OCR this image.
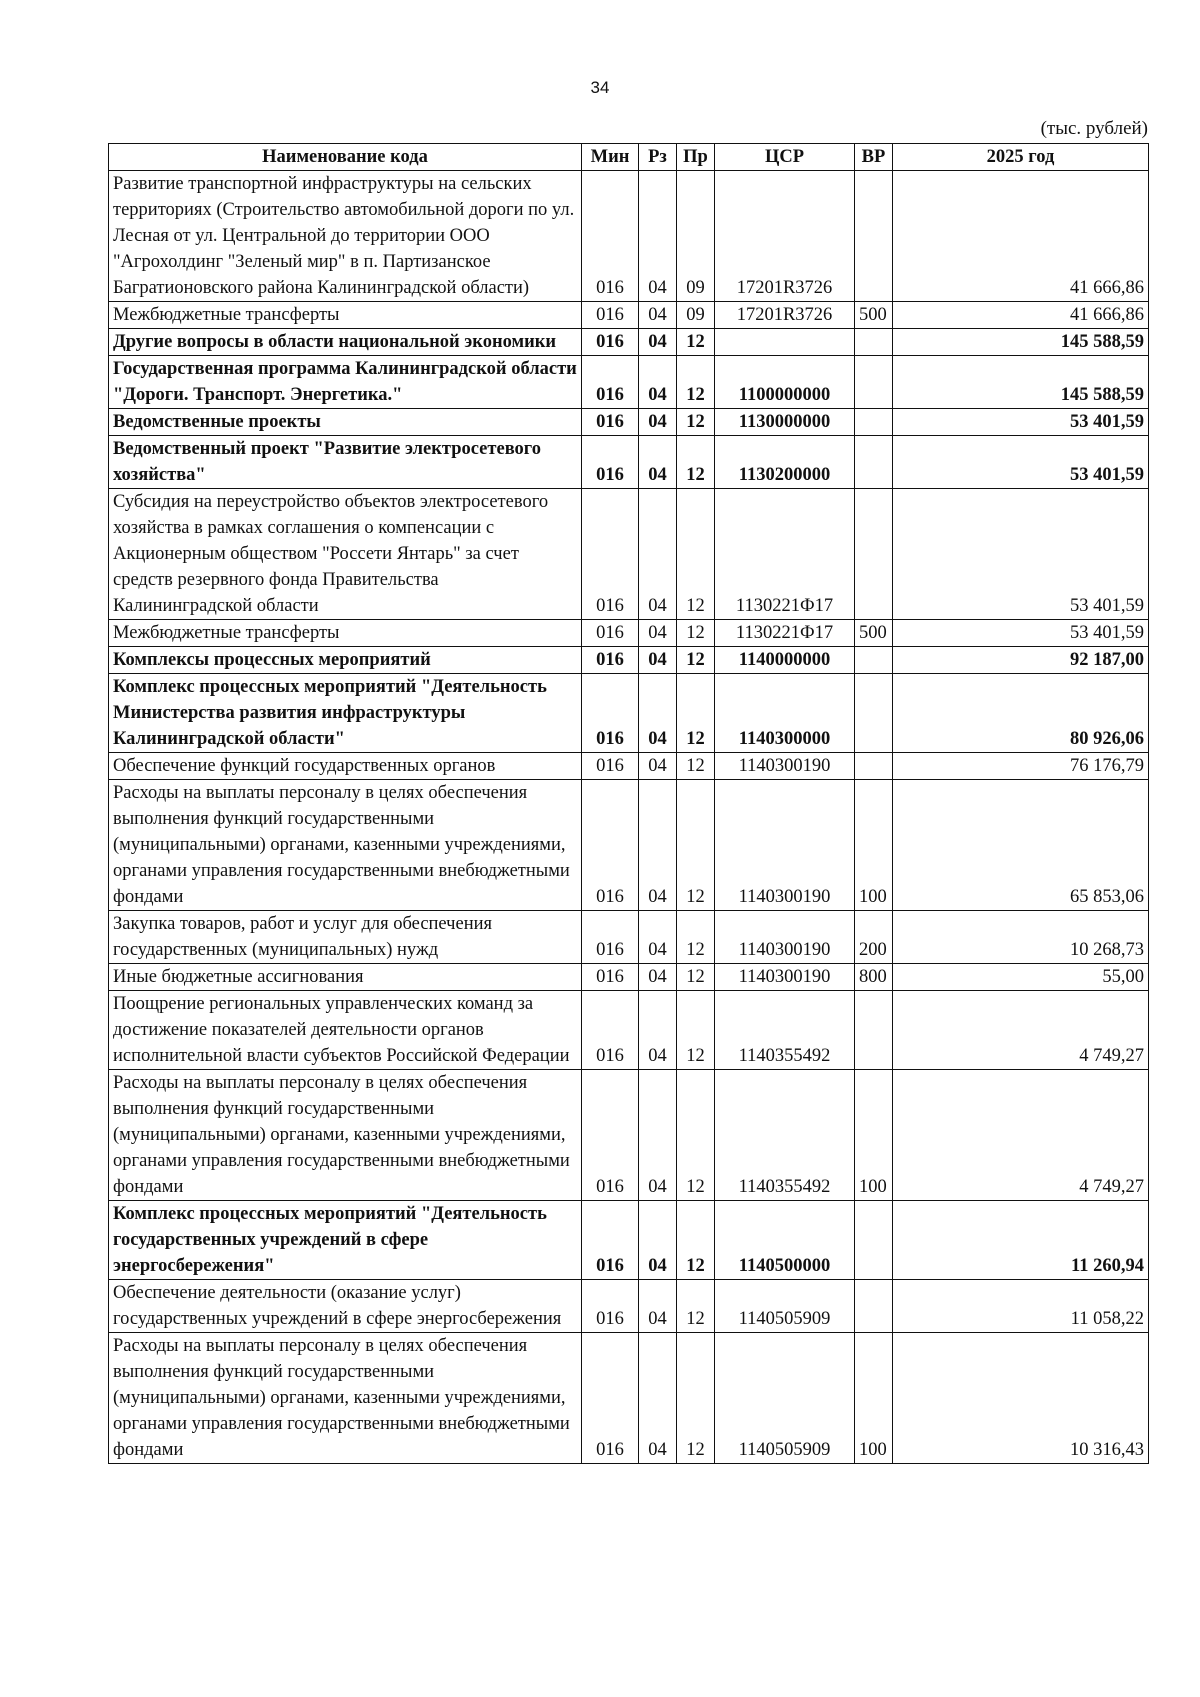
34
(тыс. рублей)
Наименование кода	Мин	Рз	Пр	ЦСР	ВР	2025 год
Развитие транспортной инфраструктуры на сельских территориях (Строительство автомобильной дороги по ул. Лесная от ул. Центральной до территории ООО "Агрохолдинг "Зеленый мир" в п. Партизанское Багратионовского района Калининградской области)	016	04	09	17201R3726		41 666,86
Межбюджетные трансферты	016	04	09	17201R3726	500	41 666,86
Другие вопросы в области национальной экономики	016	04	12			145 588,59
Государственная программа Калининградской области "Дороги. Транспорт. Энергетика."	016	04	12	1100000000		145 588,59
Ведомственные проекты	016	04	12	1130000000		53 401,59
Ведомственный проект "Развитие электросетевого хозяйства"	016	04	12	1130200000		53 401,59
Субсидия на переустройство объектов электросетевого хозяйства в рамках соглашения о компенсации с Акционерным обществом "Россети Янтарь" за счет средств резервного фонда Правительства Калининградской области	016	04	12	1130221Ф17		53 401,59
Межбюджетные трансферты	016	04	12	1130221Ф17	500	53 401,59
Комплексы процессных мероприятий	016	04	12	1140000000		92 187,00
Комплекс процессных мероприятий "Деятельность Министерства развития инфраструктуры Калининградской области"	016	04	12	1140300000		80 926,06
Обеспечение функций государственных органов	016	04	12	1140300190		76 176,79
Расходы на выплаты персоналу в целях обеспечения выполнения функций государственными (муниципальными) органами, казенными учреждениями, органами управления государственными внебюджетными фондами	016	04	12	1140300190	100	65 853,06
Закупка товаров, работ и услуг для обеспечения государственных (муниципальных) нужд	016	04	12	1140300190	200	10 268,73
Иные бюджетные ассигнования	016	04	12	1140300190	800	55,00
Поощрение региональных управленческих команд за достижение показателей деятельности органов исполнительной власти субъектов Российской Федерации	016	04	12	1140355492		4 749,27
Расходы на выплаты персоналу в целях обеспечения выполнения функций государственными (муниципальными) органами, казенными учреждениями, органами управления государственными внебюджетными фондами	016	04	12	1140355492	100	4 749,27
Комплекс процессных мероприятий "Деятельность государственных учреждений в сфере энергосбережения"	016	04	12	1140500000		11 260,94
Обеспечение деятельности (оказание услуг) государственных учреждений в сфере энергосбережения	016	04	12	1140505909		11 058,22
Расходы на выплаты персоналу в целях обеспечения выполнения функций государственными (муниципальными) органами, казенными учреждениями, органами управления государственными внебюджетными фондами	016	04	12	1140505909	100	10 316,43
